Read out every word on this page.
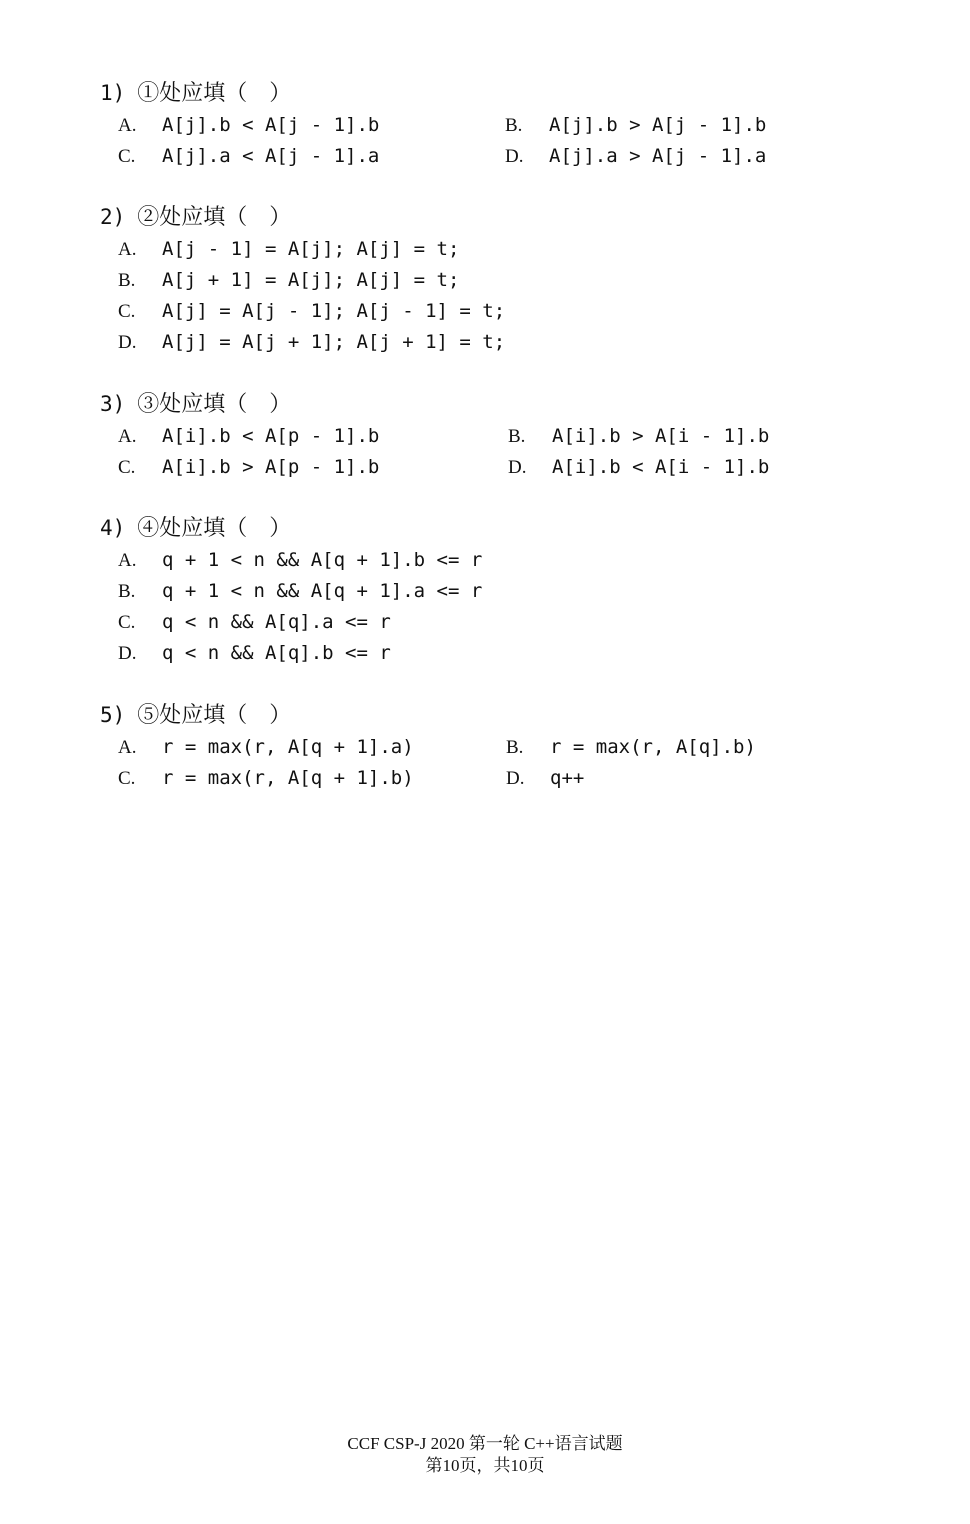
1) ①处应填（　）
A. A[j].b < A[j - 1].b	B. A[j].b > A[j - 1].b
C. A[j].a < A[j - 1].a	D. A[j].a > A[j - 1].a
2) ②处应填（　）
A. A[j - 1] = A[j]; A[j] = t;
B. A[j + 1] = A[j]; A[j] = t;
C. A[j] = A[j - 1]; A[j - 1] = t;
D. A[j] = A[j + 1]; A[j + 1] = t;
3) ③处应填（　）
A. A[i].b < A[p - 1].b	B. A[i].b > A[i - 1].b
C. A[i].b > A[p - 1].b	D. A[i].b < A[i - 1].b
4) ④处应填（　）
A. q + 1 < n && A[q + 1].b <= r
B. q + 1 < n && A[q + 1].a <= r
C. q < n && A[q].a <= r
D. q < n && A[q].b <= r
5) ⑤处应填（　）
A. r = max(r, A[q + 1].a)	B. r = max(r, A[q].b)
C. r = max(r, A[q + 1].b)	D. q++
CCF CSP-J 2020 第一轮 C++语言试题
第10页，共10页
